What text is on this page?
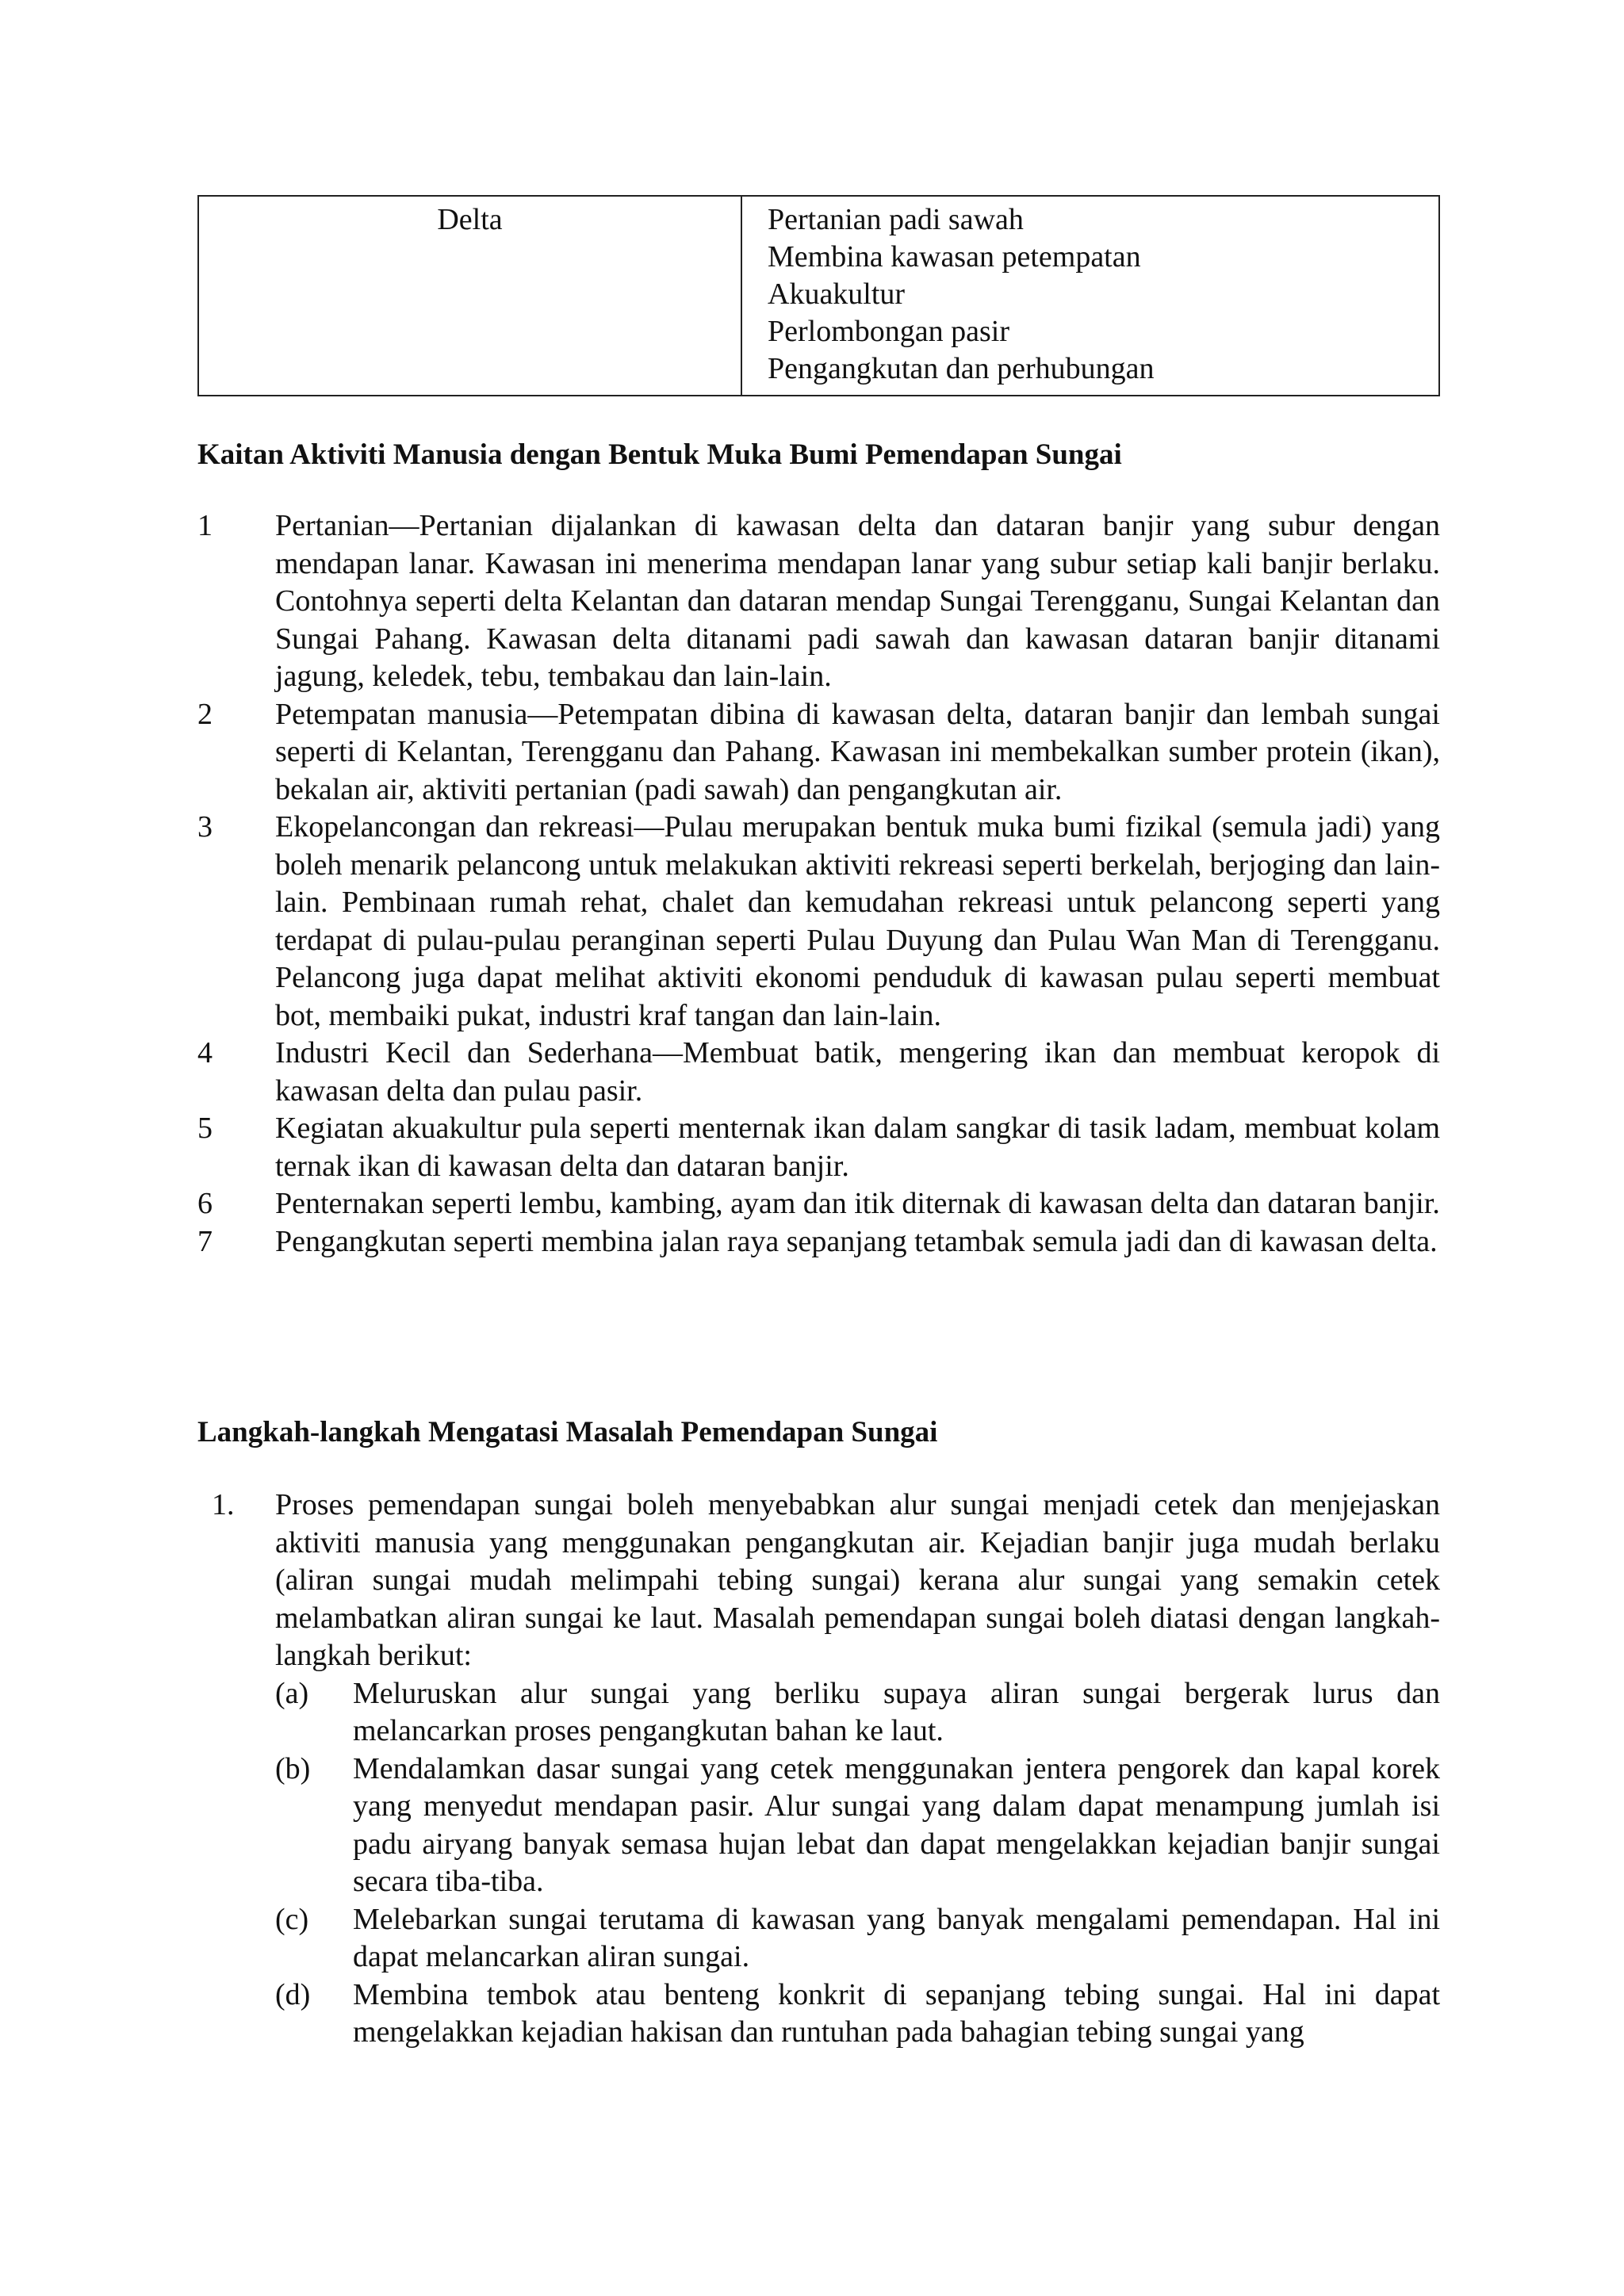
Delta	Pertanian padi sawah
Membina kawasan petempatan
Akuakultur
Perlombongan pasir
Pengangkutan dan perhubungan
Kaitan Aktiviti Manusia dengan Bentuk Muka Bumi Pemendapan Sungai
1 Pertanian—Pertanian dijalankan di kawasan delta dan dataran banjir yang subur dengan mendapan lanar. Kawasan ini menerima mendapan lanar yang subur setiap kali banjir berlaku. Contohnya seperti delta Kelantan dan dataran mendap Sungai Terengganu, Sungai Kelantan dan Sungai Pahang. Kawasan delta ditanami padi sawah dan kawasan dataran banjir ditanami jagung, keledek, tebu, tembakau dan lain-lain.
2 Petempatan manusia—Petempatan dibina di kawasan delta, dataran banjir dan lembah sungai seperti di Kelantan, Terengganu dan Pahang. Kawasan ini membekalkan sumber protein (ikan), bekalan air, aktiviti pertanian (padi sawah) dan pengangkutan air.
3 Ekopelancongan dan rekreasi—Pulau merupakan bentuk muka bumi fizikal (semula jadi) yang boleh menarik pelancong untuk melakukan aktiviti rekreasi seperti berkelah, berjoging dan lain-lain. Pembinaan rumah rehat, chalet dan kemudahan rekreasi untuk pelancong seperti yang terdapat di pulau-pulau peranginan seperti Pulau Duyung dan Pulau Wan Man di Terengganu. Pelancong juga dapat melihat aktiviti ekonomi penduduk di kawasan pulau seperti membuat bot, membaiki pukat, industri kraf tangan dan lain-lain.
4 Industri Kecil dan Sederhana—Membuat batik, mengering ikan dan membuat keropok di kawasan delta dan pulau pasir.
5 Kegiatan akuakultur pula seperti menternak ikan dalam sangkar di tasik ladam, membuat kolam ternak ikan di kawasan delta dan dataran banjir.
6 Penternakan seperti lembu, kambing, ayam dan itik diternak di kawasan delta dan dataran banjir.
7 Pengangkutan seperti membina jalan raya sepanjang tetambak semula jadi dan di kawasan delta.
Langkah-langkah Mengatasi Masalah Pemendapan Sungai
1. Proses pemendapan sungai boleh menyebabkan alur sungai menjadi cetek dan menjejaskan aktiviti manusia yang menggunakan pengangkutan air. Kejadian banjir juga mudah berlaku (aliran sungai mudah melimpahi tebing sungai) kerana alur sungai yang semakin cetek melambatkan aliran sungai ke laut. Masalah pemendapan sungai boleh diatasi dengan langkah-langkah berikut:
(a) Meluruskan alur sungai yang berliku supaya aliran sungai bergerak lurus dan melancarkan proses pengangkutan bahan ke laut.
(b) Mendalamkan dasar sungai yang cetek menggunakan jentera pengorek dan kapal korek yang menyedut mendapan pasir. Alur sungai yang dalam dapat menampung jumlah isi padu airyang banyak semasa hujan lebat dan dapat mengelakkan kejadian banjir sungai secara tiba-tiba.
(c) Melebarkan sungai terutama di kawasan yang banyak mengalami pemendapan. Hal ini dapat melancarkan aliran sungai.
(d) Membina tembok atau benteng konkrit di sepanjang tebing sungai. Hal ini dapat mengelakkan kejadian hakisan dan runtuhan pada bahagian tebing sungai yang
